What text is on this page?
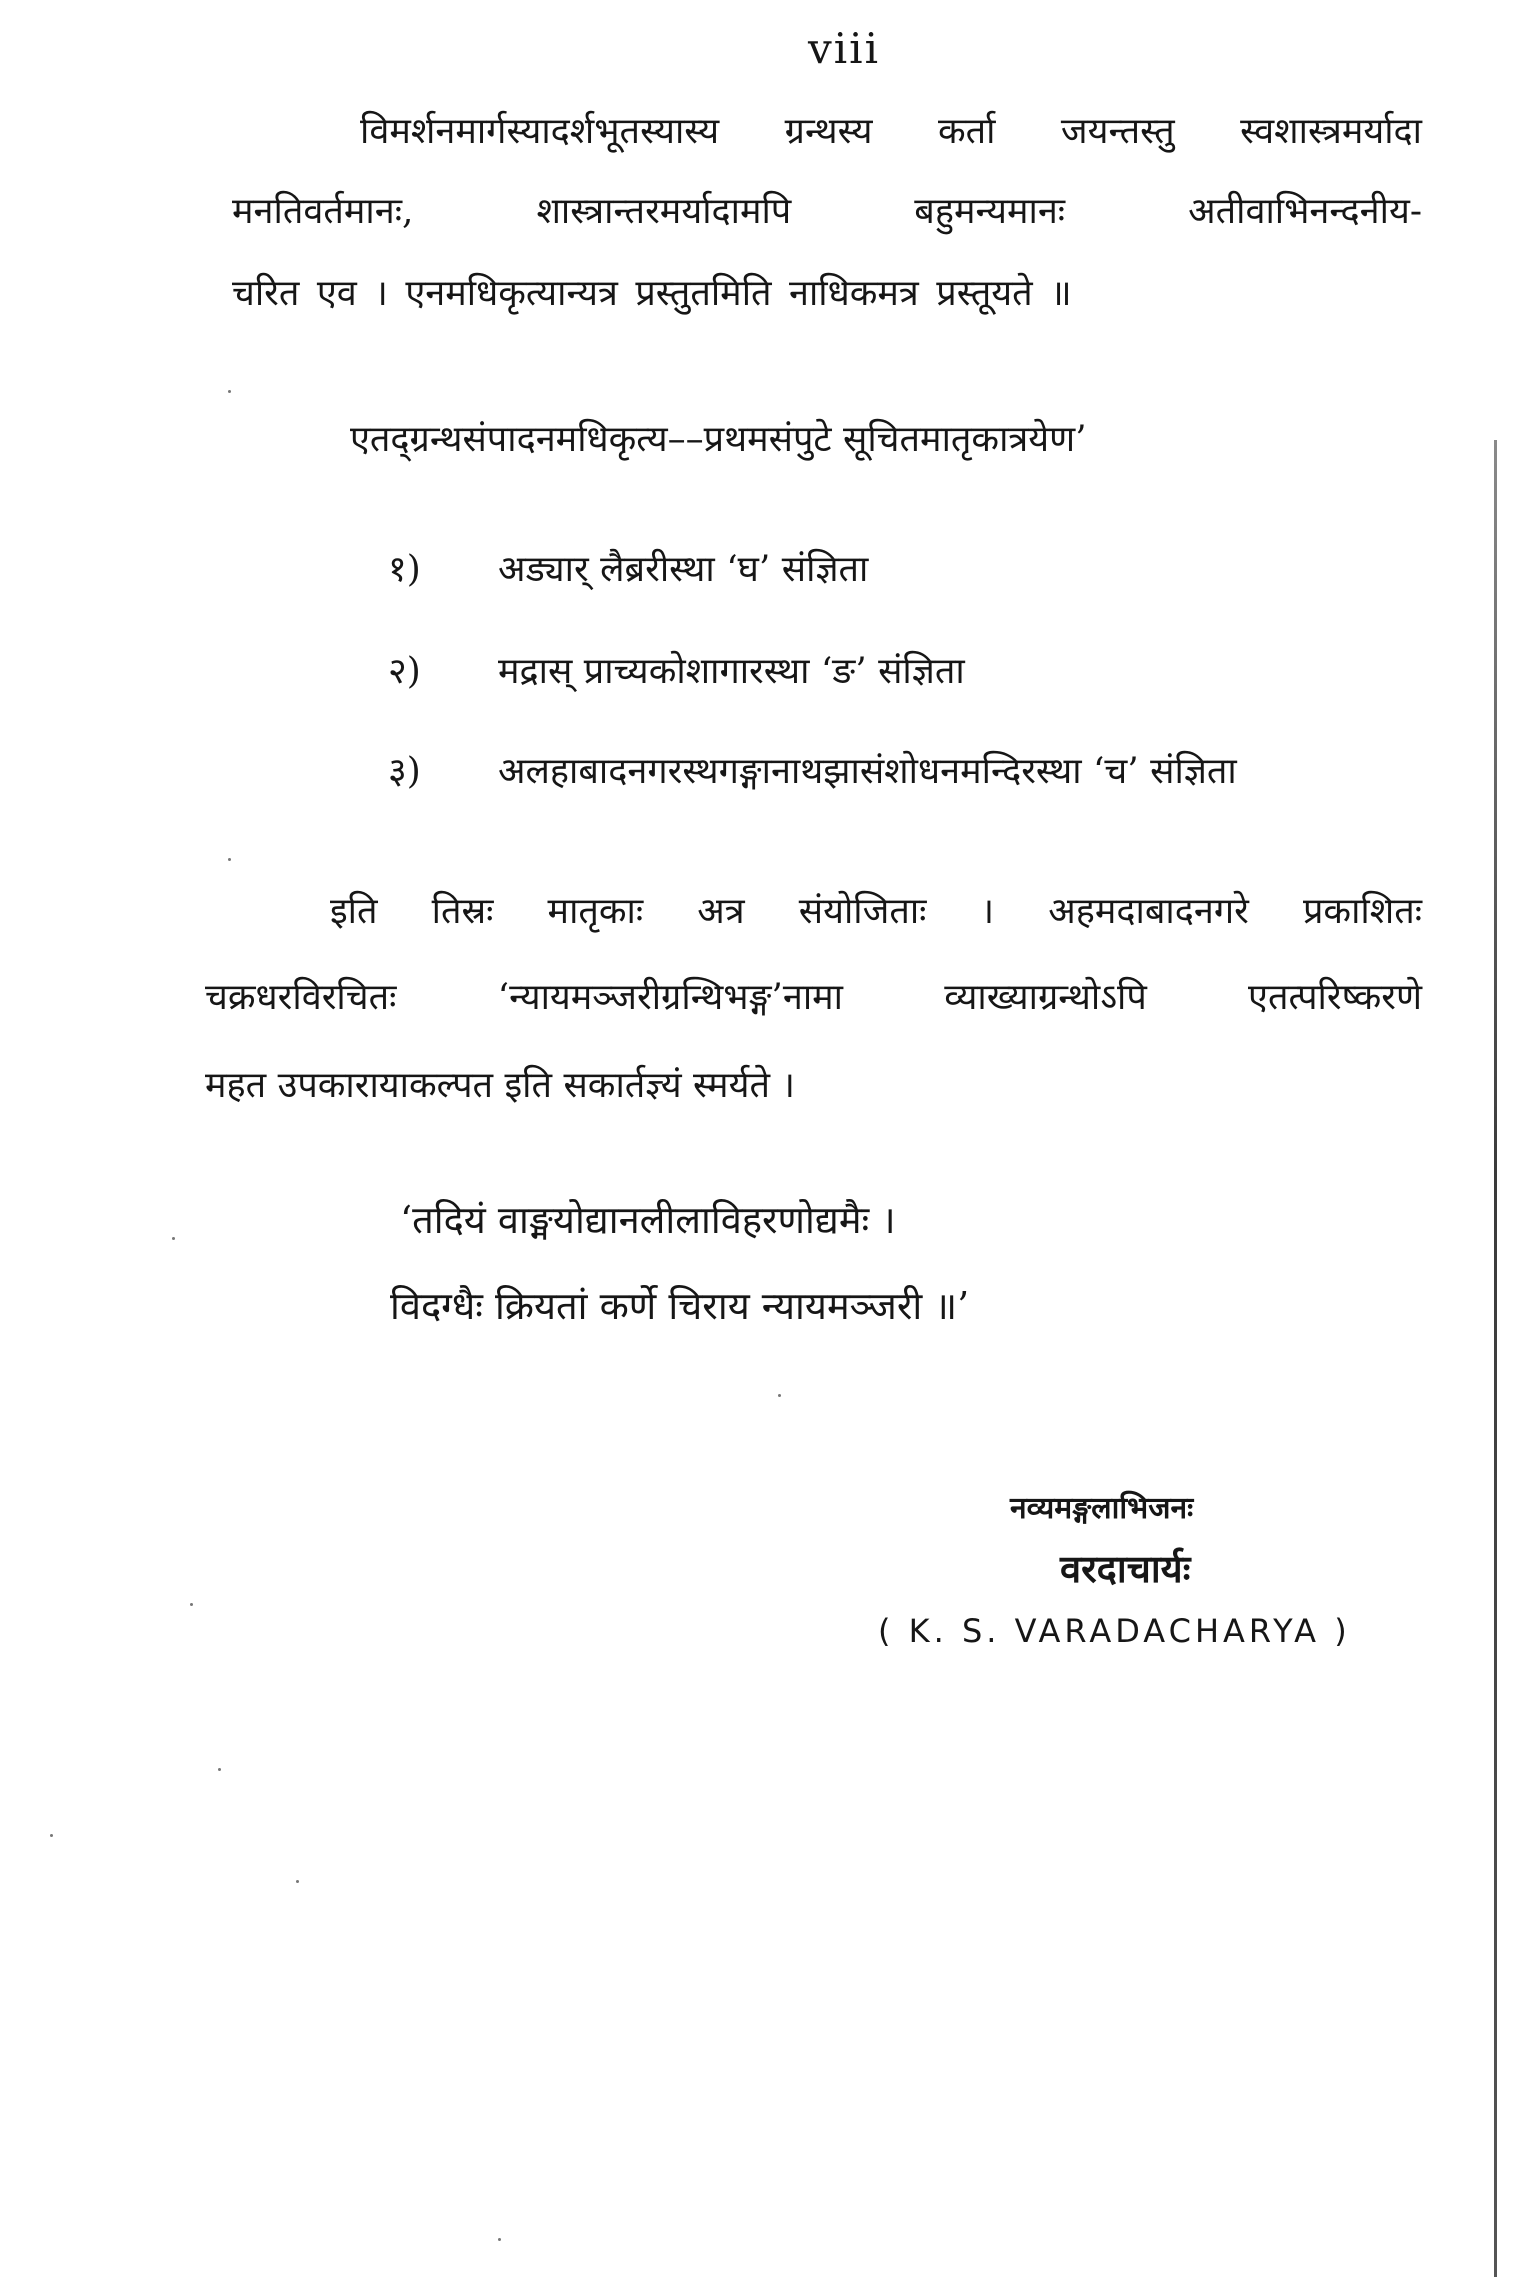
viii
विमर्शनमार्गस्यादर्शभूतस्यास्य ग्रन्थस्य कर्ता जयन्तस्तु स्वशास्त्रमर्यादा
मनतिवर्तमानः, शास्त्रान्तरमर्यादामपि बहुमन्यमानः अतीवाभिनन्दनीय-
चरित एव । एनमधिकृत्यान्यत्र प्रस्तुतमिति नाधिकमत्र प्रस्तूयते ॥
एतद्ग्रन्थसंपादनमधिकृत्य––प्रथमसंपुटे सूचितमातृकात्रयेण’
१) अड्यार् लैब्ररीस्था ‘घ’ संज्ञिता
२) मद्रास् प्राच्यकोशागारस्था ‘ङ’ संज्ञिता
३) अलहाबादनगरस्थगङ्गानाथझासंशोधनमन्दिरस्था ‘च’ संज्ञिता
इति तिस्रः मातृकाः अत्र संयोजिताः । अहमदाबादनगरे प्रकाशितः
चक्रधरविरचितः ‘न्यायमञ्जरीग्रन्थिभङ्ग’नामा व्याख्याग्रन्थोऽपि एतत्परिष्करणे
महत उपकारायाकल्पत इति सकार्तज्ञ्यं स्मर्यते ।
‘तदियं वाङ्मयोद्यानलीलाविहरणोद्यमैः ।
विदग्धैः क्रियतां कर्णे चिराय न्यायमञ्जरी ॥’
नव्यमङ्गलाभिजनः
वरदाचार्यः
( K. S. VARADACHARYA )
